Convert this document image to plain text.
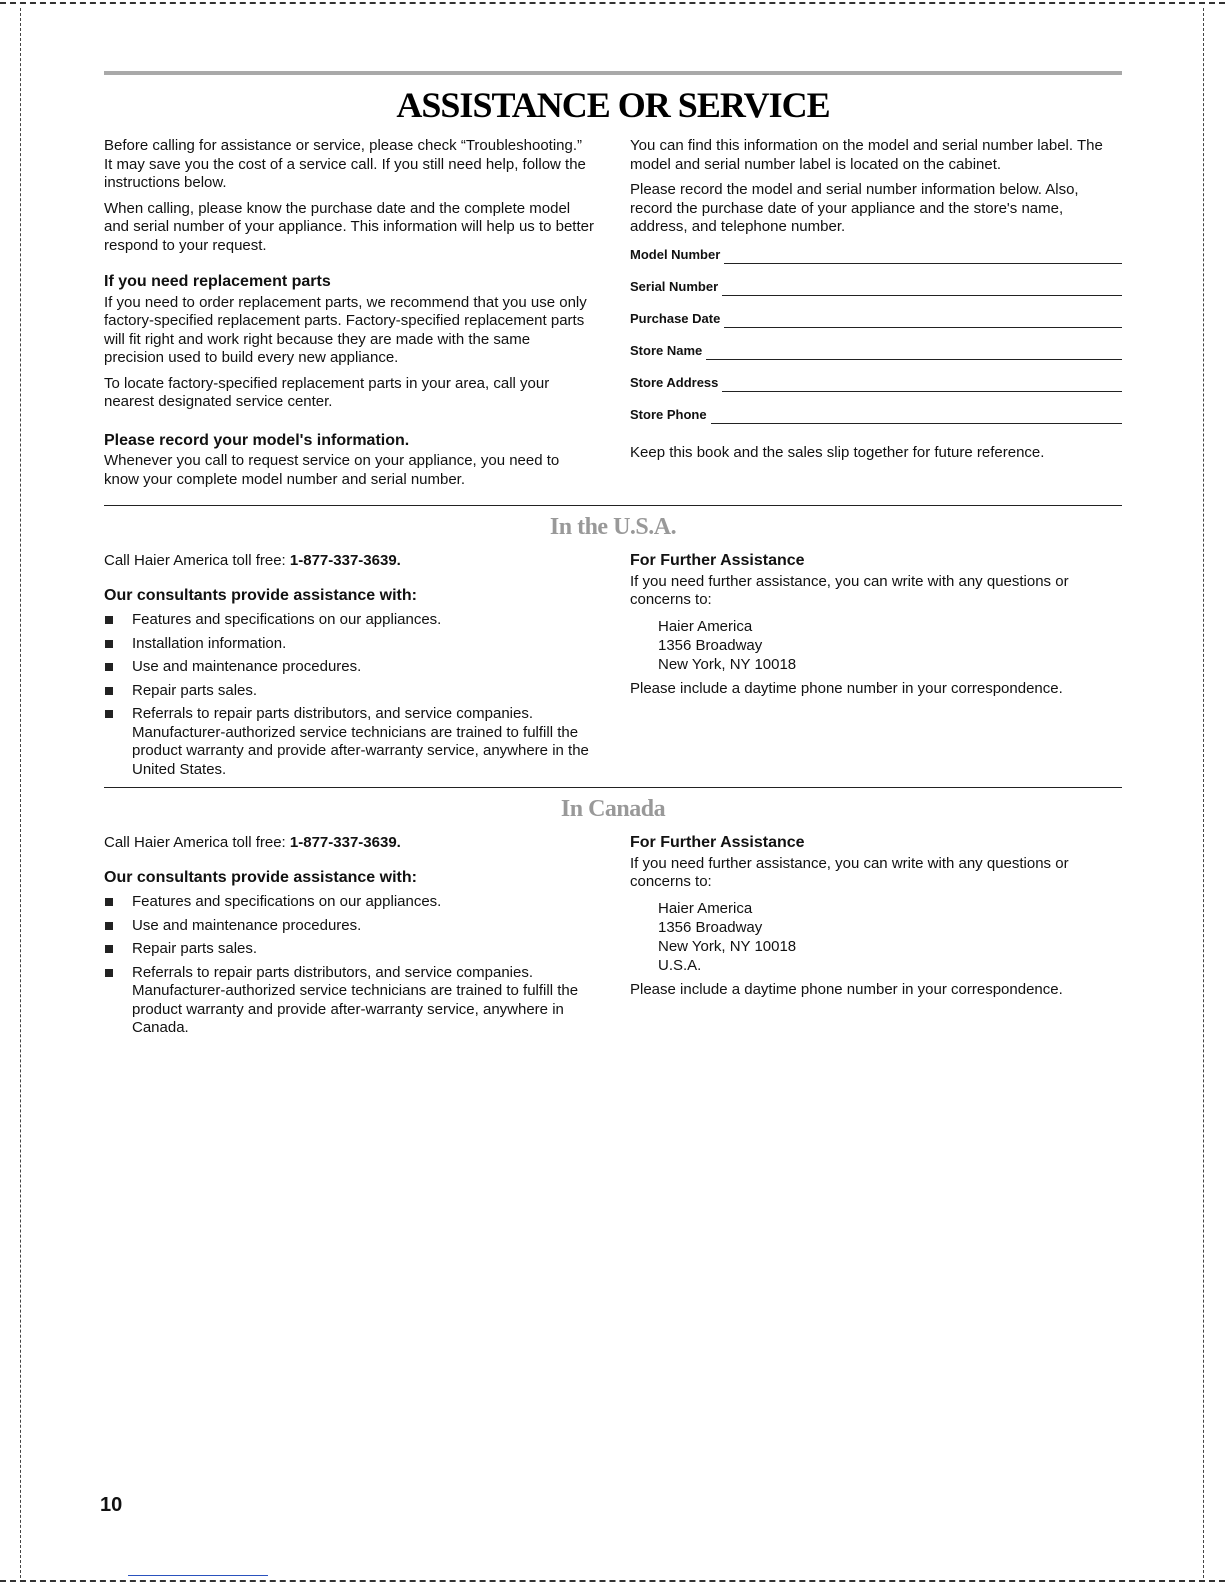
ASSISTANCE OR SERVICE

Before calling for assistance or service, please check “Troubleshooting.” It may save you the cost of a service call. If you still need help, follow the instructions below.

When calling, please know the purchase date and the complete model and serial number of your appliance. This information will help us to better respond to your request.

If you need replacement parts

If you need to order replacement parts, we recommend that you use only factory-specified replacement parts. Factory-specified replacement parts will fit right and work right because they are made with the same precision used to build every new appliance.

To locate factory-specified replacement parts in your area, call your nearest designated service center.

Please record your model's information.

Whenever you call to request service on your appliance, you need to know your complete model number and serial number.

You can find this information on the model and serial number label. The model and serial number label is located on the cabinet.

Please record the model and serial number information below. Also, record the purchase date of your appliance and the store's name, address, and telephone number.

Model Number
Serial Number
Purchase Date
Store Name
Store Address
Store Phone

Keep this book and the sales slip together for future reference.

In the U.S.A.

Call Haier America toll free: 1-877-337-3639.

Our consultants provide assistance with:
Features and specifications on our appliances.
Installation information.
Use and maintenance procedures.
Repair parts sales.
Referrals to repair parts distributors, and service companies. Manufacturer-authorized service technicians are trained to fulfill the product warranty and provide after-warranty service, anywhere in the United States.
For Further Assistance

If you need further assistance, you can write with any questions or concerns to:

Haier America
1356 Broadway
New York, NY 10018

Please include a daytime phone number in your correspondence.

In Canada

Call Haier America toll free: 1-877-337-3639.

Our consultants provide assistance with:
Features and specifications on our appliances.
Use and maintenance procedures.
Repair parts sales.
Referrals to repair parts distributors, and service companies. Manufacturer-authorized service technicians are trained to fulfill the product warranty and provide after-warranty service, anywhere in Canada.
For Further Assistance

If you need further assistance, you can write with any questions or concerns to:

Haier America
1356 Broadway
New York, NY 10018
U.S.A.

Please include a daytime phone number in your correspondence.

10
